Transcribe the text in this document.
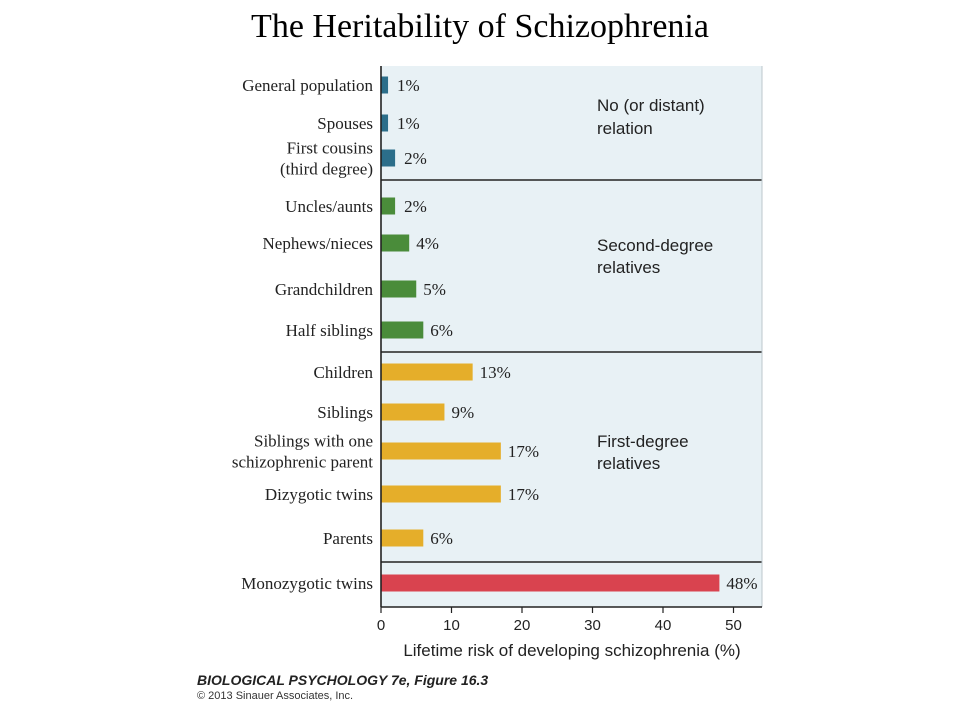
The Heritability of Schizophrenia
1%
General population
1%
Spouses
2%
First cousins
(third degree)
2%
Uncles/aunts
4%
Nephews/nieces
5%
Grandchildren
6%
Half siblings
13%
Children
9%
Siblings
17%
Siblings with one
schizophrenic parent
17%
Dizygotic twins
6%
Parents
48%
Monozygotic twins
No (or distant)
relation
Second-degree
relatives
First-degree
relatives
0	10	20	30	40	50
Lifetime risk of developing schizophrenia (%)
BIOLOGICAL PSYCHOLOGY 7e, Figure 16.3
© 2013 Sinauer Associates, Inc.
